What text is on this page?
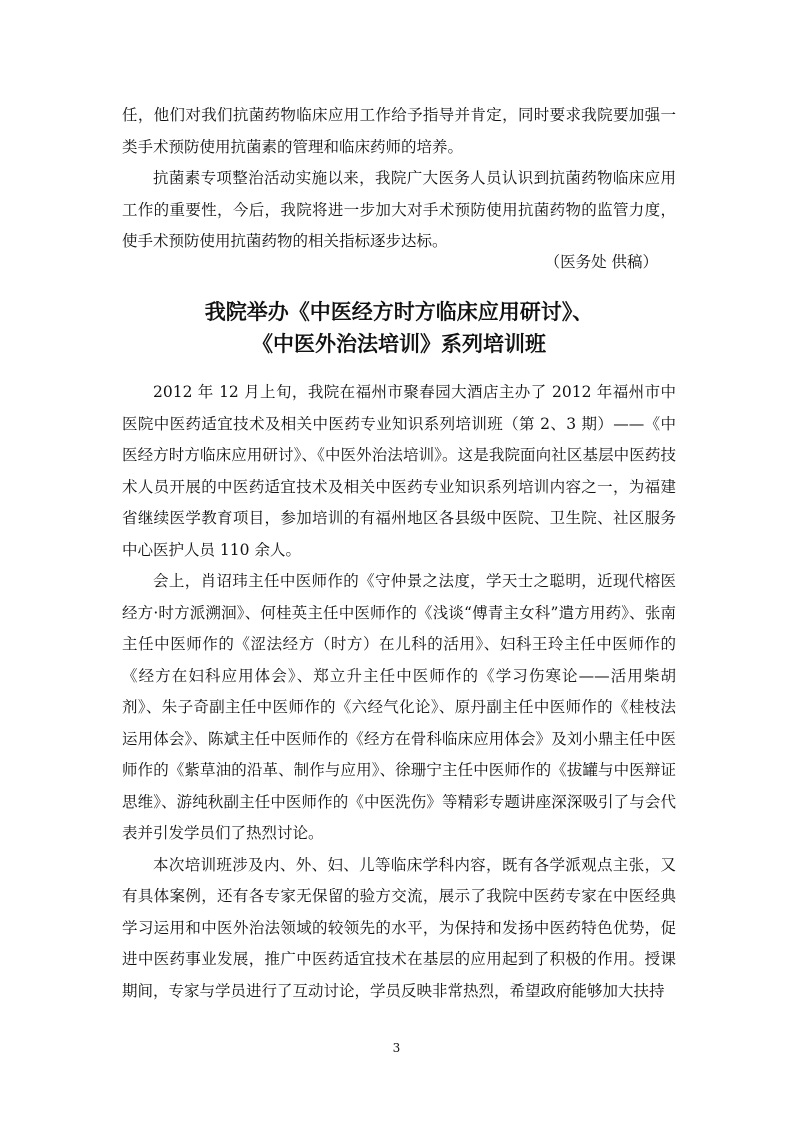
任，他们对我们抗菌药物临床应用工作给予指导并肯定，同时要求我院要加强一类手术预防使用抗菌素的管理和临床药师的培养。

抗菌素专项整治活动实施以来，我院广大医务人员认识到抗菌药物临床应用工作的重要性，今后，我院将进一步加大对手术预防使用抗菌药物的监管力度，使手术预防使用抗菌药物的相关指标逐步达标。

（医务处 供稿）
我院举办《中医经方时方临床应用研讨》、
《中医外治法培训》系列培训班

2012 年 12 月上旬，我院在福州市聚春园大酒店主办了 2012 年福州市中医院中医药适宜技术及相关中医药专业知识系列培训班（第 2、3 期）——《中医经方时方临床应用研讨》、《中医外治法培训》。这是我院面向社区基层中医药技术人员开展的中医药适宜技术及相关中医药专业知识系列培训内容之一，为福建省继续医学教育项目，参加培训的有福州地区各县级中医院、卫生院、社区服务中心医护人员 110 余人。

会上，肖诏玮主任中医师作的《守仲景之法度，学天士之聪明，近现代榕医经方·时方派溯洄》、何桂英主任中医师作的《浅谈“傅青主女科”遣方用药》、张南主任中医师作的《涩法经方（时方）在儿科的活用》、妇科王玲主任中医师作的《经方在妇科应用体会》、郑立升主任中医师作的《学习伤寒论——活用柴胡剂》、朱子奇副主任中医师作的《六经气化论》、原丹副主任中医师作的《桂枝法运用体会》、陈斌主任中医师作的《经方在骨科临床应用体会》及刘小鼎主任中医师作的《紫草油的沿革、制作与应用》、徐珊宁主任中医师作的《拔罐与中医辩证思维》、游纯秋副主任中医师作的《中医洗伤》等精彩专题讲座深深吸引了与会代表并引发学员们了热烈讨论。

本次培训班涉及内、外、妇、儿等临床学科内容，既有各学派观点主张，又有具体案例，还有各专家无保留的验方交流，展示了我院中医药专家在中医经典学习运用和中医外治法领域的较领先的水平，为保持和发扬中医药特色优势，促进中医药事业发展，推广中医药适宜技术在基层的应用起到了积极的作用。授课期间，专家与学员进行了互动讨论，学员反映非常热烈，希望政府能够加大扶持

3
